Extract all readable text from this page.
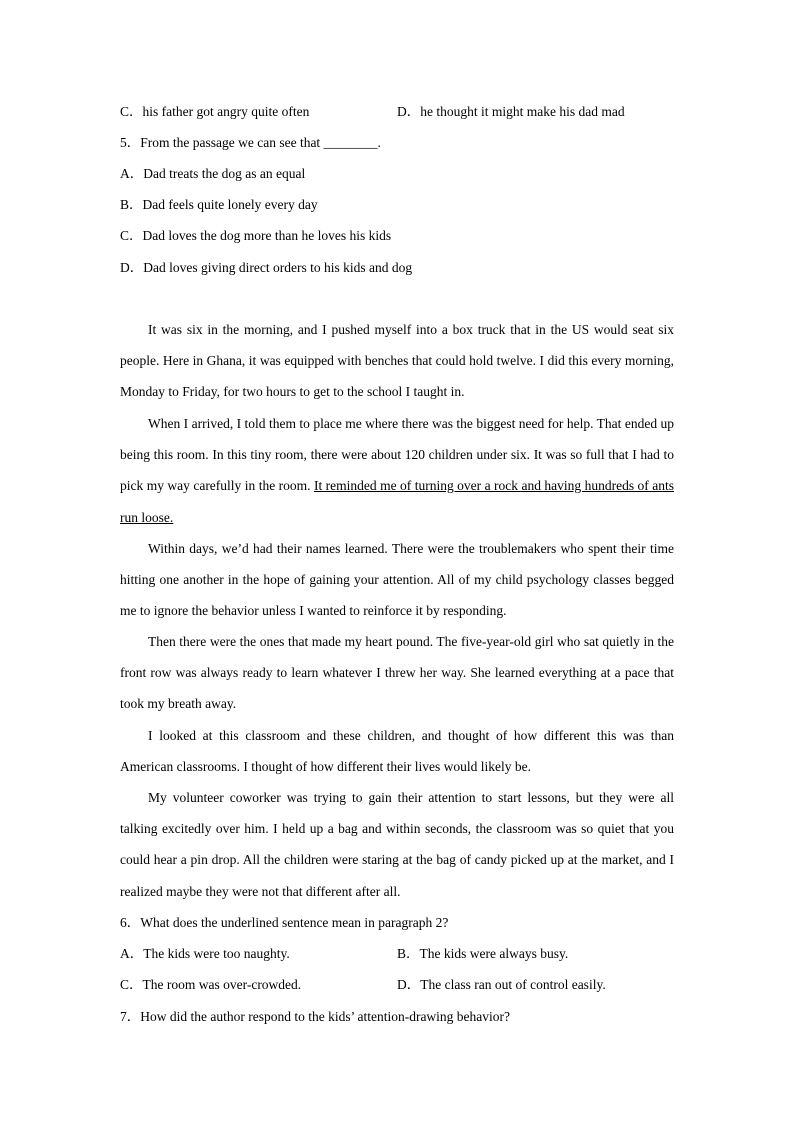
C．his father got angry quite often	D．he thought it might make his dad mad
5．From the passage we can see that ________.
A．Dad treats the dog as an equal
B．Dad feels quite lonely every day
C．Dad loves the dog more than he loves his kids
D．Dad loves giving direct orders to his kids and dog

It was six in the morning, and I pushed myself into a box truck that in the US would seat six people. Here in Ghana, it was equipped with benches that could hold twelve. I did this every morning, Monday to Friday, for two hours to get to the school I taught in.

When I arrived, I told them to place me where there was the biggest need for help. That ended up being this room. In this tiny room, there were about 120 children under six. It was so full that I had to pick my way carefully in the room. It reminded me of turning over a rock and having hundreds of ants run loose.

Within days, we’d had their names learned. There were the troublemakers who spent their time hitting one another in the hope of gaining your attention. All of my child psychology classes begged me to ignore the behavior unless I wanted to reinforce it by responding.

Then there were the ones that made my heart pound. The five-year-old girl who sat quietly in the front row was always ready to learn whatever I threw her way. She learned everything at a pace that took my breath away.

I looked at this classroom and these children, and thought of how different this was than American classrooms. I thought of how different their lives would likely be.

My volunteer coworker was trying to gain their attention to start lessons, but they were all talking excitedly over him. I held up a bag and within seconds, the classroom was so quiet that you could hear a pin drop. All the children were staring at the bag of candy picked up at the market, and I realized maybe they were not that different after all.

6．What does the underlined sentence mean in paragraph 2?
A．The kids were too naughty.	B．The kids were always busy.
C．The room was over-crowded.	D．The class ran out of control easily.
7．How did the author respond to the kids’ attention-drawing behavior?
